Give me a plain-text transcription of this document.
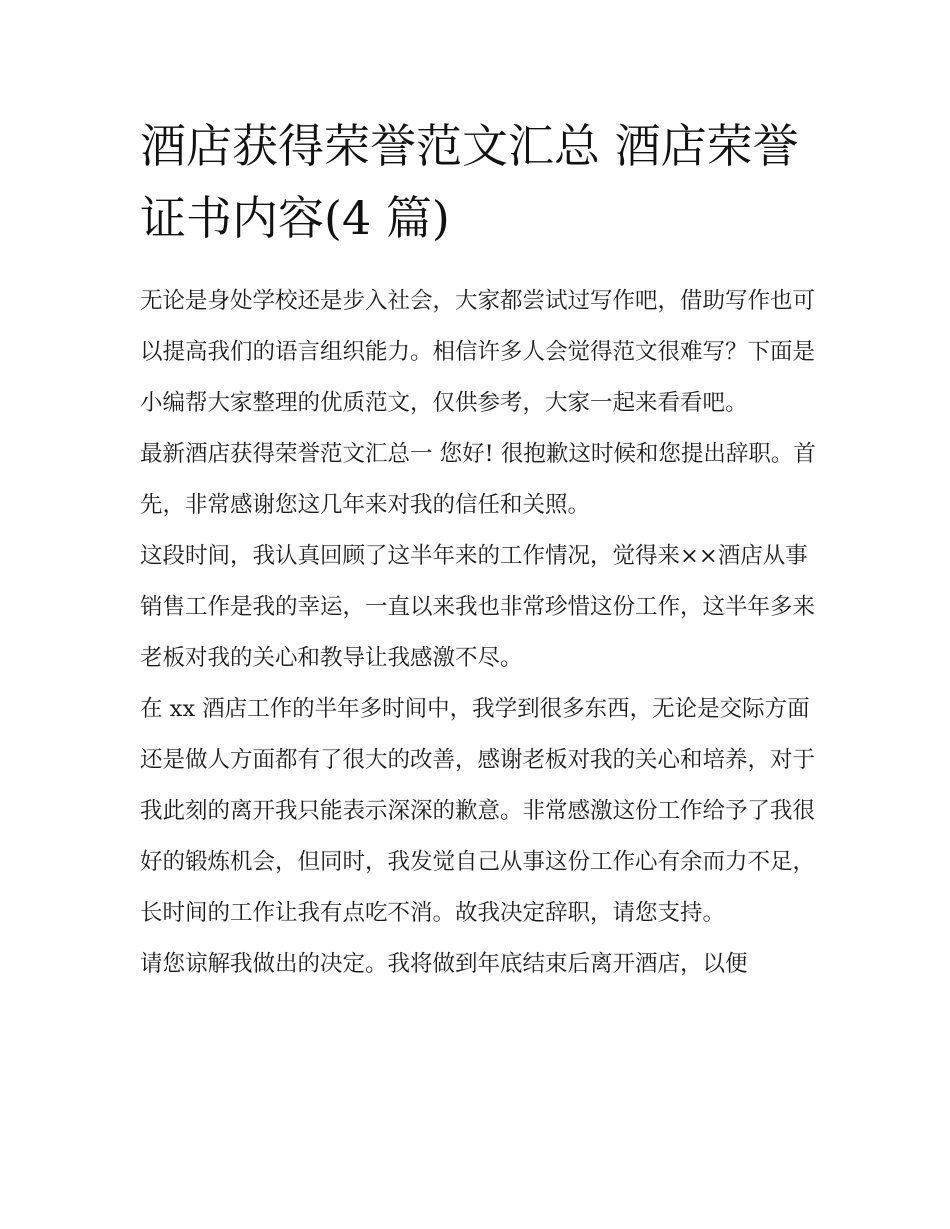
酒店获得荣誉范文汇总 酒店荣誉证书内容(4 篇)

无论是身处学校还是步入社会，大家都尝试过写作吧，借助写作也可以提高我们的语言组织能力。相信许多人会觉得范文很难写？下面是小编帮大家整理的优质范文，仅供参考，大家一起来看看吧。

最新酒店获得荣誉范文汇总一 您好! 很抱歉这时候和您提出辞职。首先，非常感谢您这几年来对我的信任和关照。

这段时间，我认真回顾了这半年来的工作情况，觉得来××酒店从事销售工作是我的幸运，一直以来我也非常珍惜这份工作，这半年多来老板对我的关心和教导让我感激不尽。

在 xx 酒店工作的半年多时间中，我学到很多东西，无论是交际方面还是做人方面都有了很大的改善，感谢老板对我的关心和培养，对于我此刻的离开我只能表示深深的歉意。非常感激这份工作给予了我很好的锻炼机会，但同时，我发觉自己从事这份工作心有余而力不足，长时间的工作让我有点吃不消。故我决定辞职，请您支持。

请您谅解我做出的决定。我将做到年底结束后离开酒店，以便
